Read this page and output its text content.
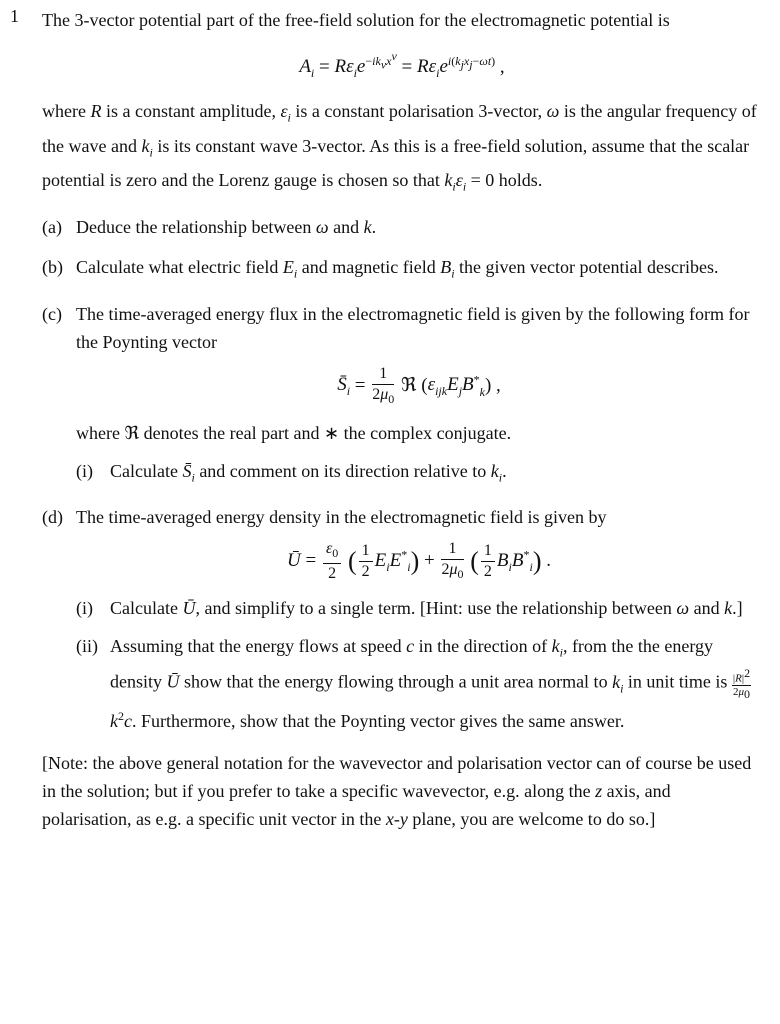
1 The 3-vector potential part of the free-field solution for the electromagnetic potential is

$A_i = R\varepsilon_ie^{-ik_\nu x^\nu} = R\varepsilon_ie^{i(k_jx_j-\omega t)}$ ,

where R is a constant amplitude, $\varepsilon_i$ is a constant polarisation 3-vector, ω is the angular frequency of the wave and $k_i$ is its constant wave 3-vector. As this is a free-field solution, assume that the scalar potential is zero and the Lorenz gauge is chosen so that $k_i\varepsilon_i = 0$ holds.

(a) Deduce the relationship between ω and k.
(b) Calculate what electric field $E_i$ and magnetic field $B_i$ the given vector potential describes.
(c) The time-averaged energy flux in the electromagnetic field is given by the following form for the Poynting vector

$S̄_i = \frac{1}{2\mu_0}$ ℜ $(\varepsilon_{ijk}E_jB^*_k)$ ,

where ℜ denotes the real part and ∗ the complex conjugate.

(i) Calculate $S̄_i$ and comment on its direction relative to $k_i$.
(d) The time-averaged energy density in the electromagnetic field is given by

Ū = $\frac{\varepsilon_0}{2}$ ( $\frac{1}{2} E_iE^*_i) + \frac{1}{2\mu_0}$ ( $\frac{1}{2} B_iB^*_i$) .
(i) Calculate Ū, and simplify to a single term. [Hint: use the relationship between ω and k.]
(ii) Assuming that the energy flows at speed c in the direction of $k_i$, from the the energy density Ū show that the energy flowing through a unit area normal to $k_i$ in unit time is $\frac{|R|^2}{2\mu_0}$
$k^2c$. Furthermore, show that the Poynting vector gives the same answer.

[Note: the above general notation for the wavevector and polarisation vector can of course be used in the solution; but if you prefer to take a specific wavevector, e.g. along the z axis, and polarisation, as e.g. a specific unit vector in the x-y plane, you are welcome to do so.]
